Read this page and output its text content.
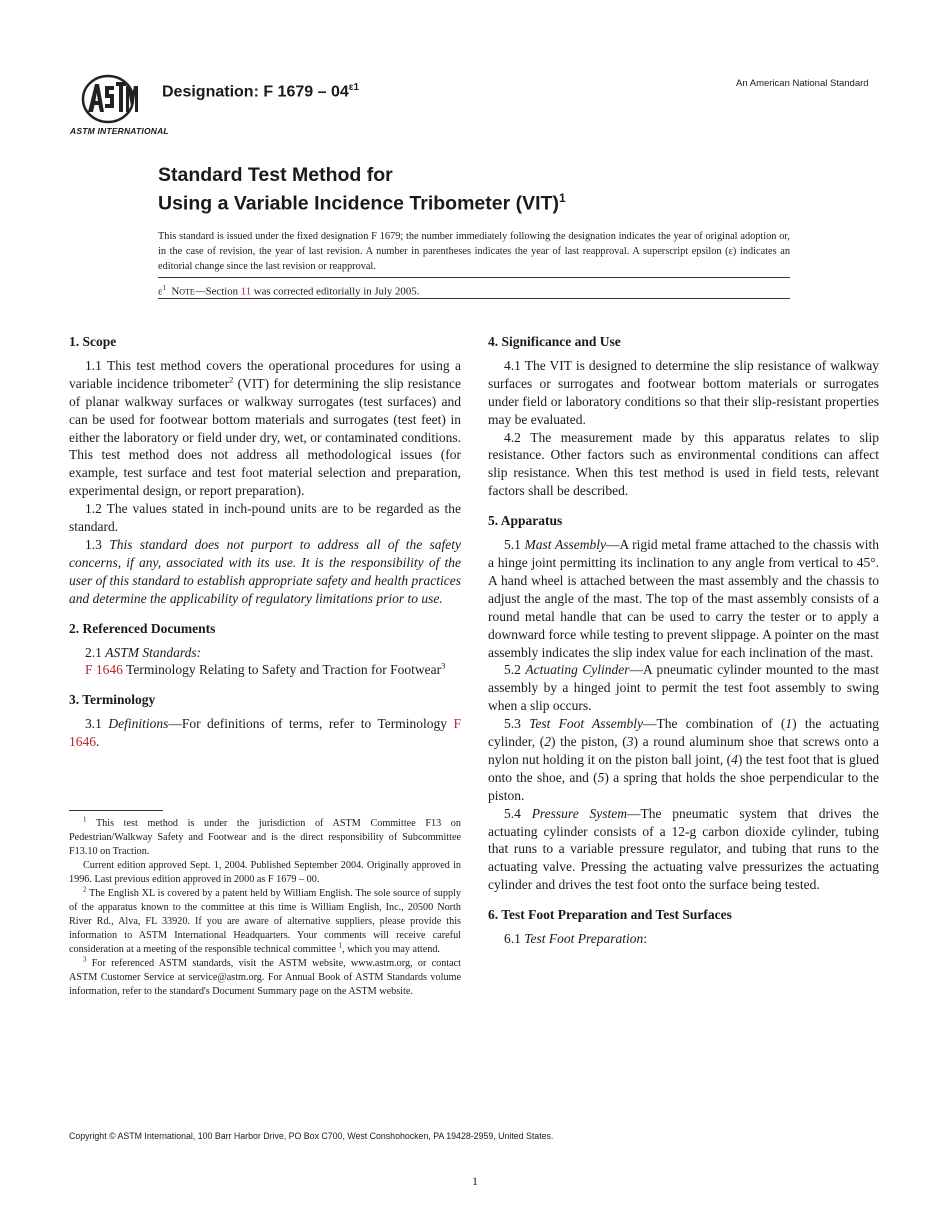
ASTM INTERNATIONAL
Designation: F $1679 - 04^{\varepsilon 1}$	An American National Standard
Standard Test Method for
Using a Variable Incidence Tribometer (VIT)$^1$
This standard is issued under the fixed designation F 1679; the number immediately following the designation indicates the year of original adoption or, in the case of revision, the year of last revision. A number in parentheses indicates the year of last reapproval. A superscript epsilon (ε) indicates an editorial change since the last revision or reapproval.
$\varepsilon^1$ Note—Section 11 was corrected editorially in July 2005.

1. Scope

1.1 This test method covers the operational procedures for using a variable incidence tribometer$^2$ (VIT) for determining the slip resistance of planar walkway surfaces or walkway surrogates (test surfaces) and can be used for footwear bottom materials and surrogates (test feet) in either the laboratory or field under dry, wet, or contaminated conditions. This test method does not address all methodological issues (for example, test surface and test foot material selection and preparation, experimental design, or report preparation).

1.2 The values stated in inch-pound units are to be regarded as the standard.

1.3 This standard does not purport to address all of the safety concerns, if any, associated with its use. It is the responsibility of the user of this standard to establish appropriate safety and health practices and determine the applicability of regulatory limitations prior to use.

2. Referenced Documents

2.1 ASTM Standards:

F 1646 Terminology Relating to Safety and Traction for Footwear$^3$

3. Terminology

3.1 Definitions—For definitions of terms, refer to Terminology F 1646.

$^1$ This test method is under the jurisdiction of ASTM Committee F13 on Pedestrian/Walkway Safety and Footwear and is the direct responsibility of Subcommittee F13.10 on Traction.

Current edition approved Sept. 1, 2004. Published September 2004. Originally approved in 1996. Last previous edition approved in 2000 as F 1679 – 00.

$^2$ The English XL is covered by a patent held by William English. The sole source of supply of the apparatus known to the committee at this time is William English, Inc., 20500 North River Rd., Alva, FL 33920. If you are aware of alternative suppliers, please provide this information to ASTM International Headquarters. Your comments will receive careful consideration at a meeting of the responsible technical committee $^1$, which you may attend.

$^3$ For referenced ASTM standards, visit the ASTM website, www.astm.org, or contact ASTM Customer Service at service@astm.org. For Annual Book of ASTM Standards volume information, refer to the standard's Document Summary page on the ASTM website.

4. Significance and Use

4.1 The VIT is designed to determine the slip resistance of walkway surfaces or surrogates and footwear bottom materials or surrogates under field or laboratory conditions so that their slip-resistant properties may be evaluated.

4.2 The measurement made by this apparatus relates to slip resistance. Other factors such as environmental conditions can affect slip resistance. When this test method is used in field tests, relevant factors shall be described.

5. Apparatus

5.1 Mast Assembly—A rigid metal frame attached to the chassis with a hinge joint permitting its inclination to any angle from vertical to 45°. A hand wheel is attached between the mast assembly and the chassis to adjust the angle of the mast. The top of the mast assembly consists of a round metal handle that can be used to carry the tester or to apply a downward force while testing to prevent slippage. A pointer on the mast assembly indicates the slip index value for each inclination of the mast.

5.2 Actuating Cylinder—A pneumatic cylinder mounted to the mast assembly by a hinged joint to permit the test foot assembly to swing when a slip occurs.

5.3 Test Foot Assembly—The combination of (1) the actuating cylinder, (2) the piston, (3) a round aluminum shoe that screws onto a nylon nut holding it on the piston ball joint, (4) the test foot that is glued onto the shoe, and (5) a spring that holds the shoe perpendicular to the piston.

5.4 Pressure System—The pneumatic system that drives the actuating cylinder consists of a 12-g carbon dioxide cylinder, tubing that runs to a variable pressure regulator, and tubing that runs to the actuating valve. Pressing the actuating valve pressurizes the actuating cylinder and drives the test foot onto the surface being tested.

6. Test Foot Preparation and Test Surfaces

6.1 Test Foot Preparation:

Copyright © ASTM International, 100 Barr Harbor Drive, PO Box C700, West Conshohocken, PA 19428-2959, United States.
1
